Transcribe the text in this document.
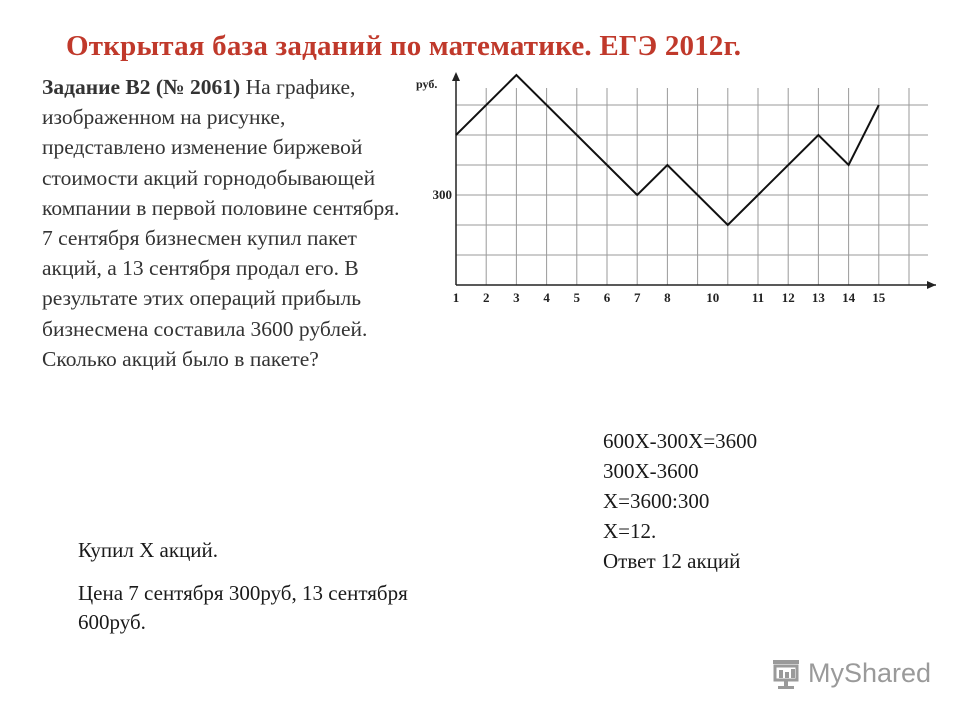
Открытая база заданий по математике. ЕГЭ 2012г.
Задание B2 (№ 2061) На графике, изображенном на рисунке, представлено изменение биржевой стоимости акций горнодобывающей компании в первой половине сентября. 7 сентября бизнесмен купил пакет акций, а 13 сентября продал его. В результате этих операций прибыль бизнесмена составила 3600 рублей. Сколько акций было в пакете?
1 2 3 4 5 6 7 8	10	11 12 13 14 15
300
руб.

Купил Х акций.

Цена 7 сентября 300руб, 13 сентября 600руб.

600Х-300Х=3600
300Х-3600
Х=3600:300
Х=12.
Ответ 12 акций
MyShared
